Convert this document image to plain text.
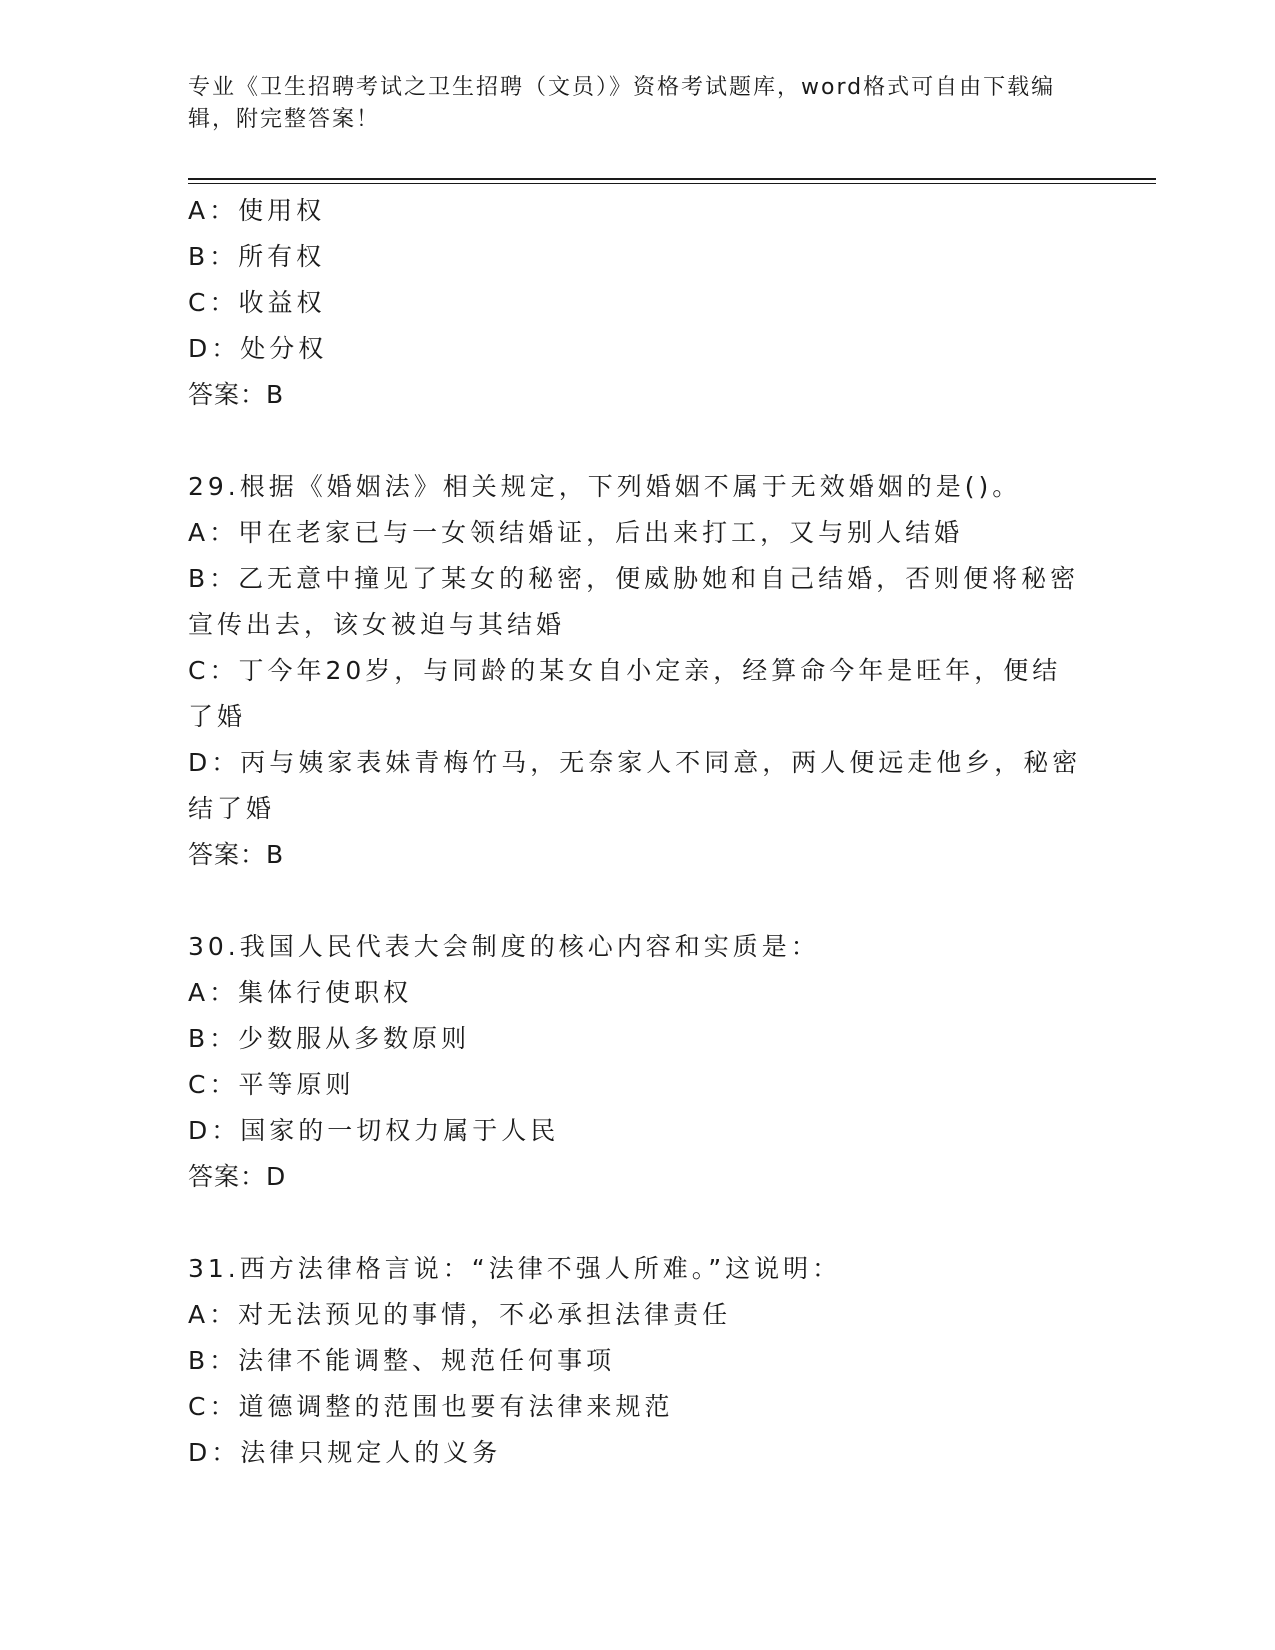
专业《卫生招聘考试之卫生招聘（文员）》资格考试题库，word格式可自由下载编辑，附完整答案！
A：使用权
B：所有权
C：收益权
D：处分权
答案：B
29.根据《婚姻法》相关规定，下列婚姻不属于无效婚姻的是()。
A：甲在老家已与一女领结婚证，后出来打工，又与别人结婚
B：乙无意中撞见了某女的秘密，便威胁她和自己结婚，否则便将秘密宣传出去，该女被迫与其结婚
C：丁今年20岁，与同龄的某女自小定亲，经算命今年是旺年，便结了婚
D：丙与姨家表妹青梅竹马，无奈家人不同意，两人便远走他乡，秘密结了婚
答案：B
30.我国人民代表大会制度的核心内容和实质是：
A：集体行使职权
B：少数服从多数原则
C：平等原则
D：国家的一切权力属于人民
答案：D
31.西方法律格言说：“法律不强人所难。”这说明：
A：对无法预见的事情，不必承担法律责任
B：法律不能调整、规范任何事项
C：道德调整的范围也要有法律来规范
D：法律只规定人的义务
